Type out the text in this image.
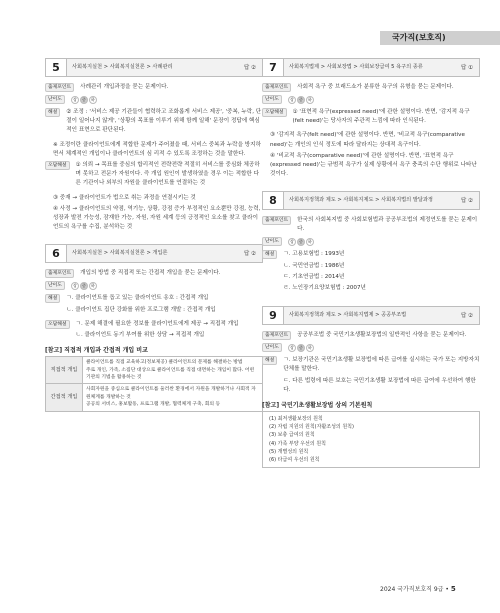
국가직(보호직)
5	사회복지실천 > 사회복지실천론 > 사례관리	답 ②
출제포인트	사례관리 개입과정을 묻는 문제이다.
난이도	상	중	하
해설	② 조정 : '서비스 제공 기관들이 협력하고 조화롭게 서비스 제공', '중복, 누락, 단절이 일어나지 않게', '상황의 목표를 이루기 위해 함께 일해' 문장이 정답에 핵심적인 표현으로 판단된다.

※ 조정이란 클라이언트에게 적합한 문제가 주어졌을 때, 서비스 중복과 누락을 방지하면서 체계적인 개입이나 클라이언트의 심 리적 수 있도록 조정하는 것을 말한다.

오답해설	① 의뢰 → 목표를 중심의 합리적인 전략전략 적절히 서비스를 중심화 체공하며 못하고 전문가 자원이다. 즉 개입 원인이 발생하였을 경우 이는 적합한 다른 기관이나 외부의 자원을 클라이언트를 연결하는 것

③ 중재 → 클라이언트가 법으로 취는 과정을 연결시키는 것

④ 사정 → 클라이언트의 약점, 역기능, 상황, 강점 증가 부정적인 요소뿐만 강점, 능력, 성장과 발전 가능성, 잠재한 가능, 자원, 자원 세계 등의 긍정적인 요소를 찾고 클라이언트의 욕구를 수집, 분석하는 것

6	사회복지실천 > 사회복지실천론 > 개입론	답 ②
출제포인트	개입의 방법 중 직접적 또는 간접적 개입을 묻는 문제이다.
난이도	상	중	하
해설	ㄱ. 클라이언트를 돕고 있는 클라이언트 옹호 : 간접적 개입

ㄴ. 클라이언트 집단 강화를 위한 프로그램 개발 : 간접적 개입

오답해설	ㄱ. 문제 해결에 필요한 정보를 클라이언트에게 제공 → 직접적 개입

ㄴ. 클라이언트 동기 부여를 위한 상담 → 직접적 개입

[참고] 직접적 개입과 간접적 개입 비교
직접적 개입	클라이언트를 직접 교육하고(정보제공) 클라이언트의 문제를 해결하는 방법
주로 개인, 가족, 소집단 대상으로 클라이언트를 직접 대면하는 개입이 많다. 어떤 기관의 기법을 활용하는 것

간접적 개입	사회자원을 중심으로 클라이언트를 둘러싼 환경에서 자원을 개발하거나 사회적 자원체계를 개발하는 것
공공의 서비스, 홍보활동, 프로그램 개발, 협력체계 구축, 회의 등
7	사회복지법제 > 사회보장법 > 사회보장급여 5 욕구의 종류	답 ①
출제포인트	사회적 욕구 중 브래드쇼가 분류한 욕구의 유형을 묻는 문제이다.
난이도	상	중	하
오답해설	① '표현적 욕구(expressed need)'에 관한 설명이다. 반면, '감지적 욕구(felt need)'는 당사자의 주관적 느낌에 따라 인식된다.

③ '감지적 욕구(felt need)'에 관한 설명이다. 반면, '비교적 욕구(comparative need)'는 개인의 인식 정도에 따라 달라지는 상대적 욕구이다.

④ '비교적 욕구(comparative need)'에 관한 설명이다. 반면, '표현적 욕구(expressed need)'는 규범적 욕구가 실제 상황에서 욕구 충족의 수단 행위로 나타난 것이다.

8	사회복지정책과 제도 > 사회복지제도 > 사회복지법의 발달과정	답 ②
출제포인트	한국의 사회복지법 중 사회보험법과 공공부조법의 제정연도를 묻는 문제이다.
난이도	상	중	하
해설	ㄱ. 고용보험법 : 1993년

ㄴ. 국민연금법 : 1986년

ㄷ. 기초연금법 : 2014년

ㄹ. 노인장기요양보험법 : 2007년

9	사회복지정책과 제도 > 사회복지법제 > 공공부조법	답 ②
출제포인트	공공부조법 중 국민기초생활보장법의 일반적인 사항을 묻는 문제이다.
난이도	상	중	하
해설	ㄱ. 보장기관은 국민기초생활 보장법에 따른 급여를 실시하는 국가 또는 지방자치단체를 말한다.

ㄷ. 다른 법령에 따른 보호는 국민기초생활 보장법에 따른 급여에 우선하여 행한다.

[참고] 국민기초생활보장법 상의 기본원칙
(1) 최저생활보장의 원칙
(2) 자립 지원의 원칙(자활조성의 원칙)
(3) 보충 급여의 원칙
(4) 가족 부양 우선의 원칙
(5) 개별성의 원칙
(6) 타급여 우선의 원칙
2024 국가직보호직 9급 • 5
